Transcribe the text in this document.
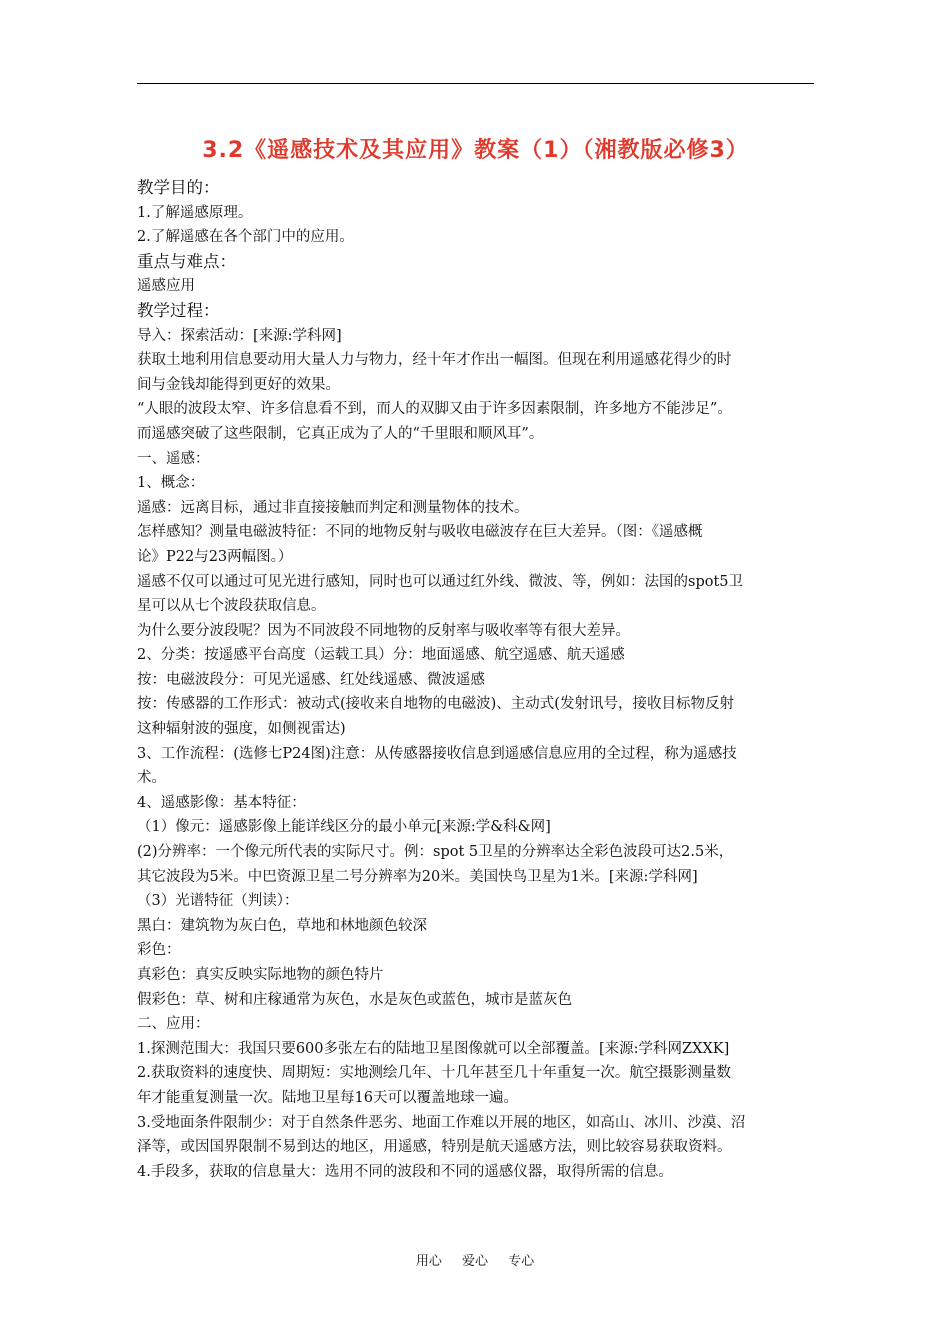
3.2《遥感技术及其应用》教案（1）（湘教版必修3）
教学目的：
1.了解遥感原理。
2.了解遥感在各个部门中的应用。
重点与难点：
遥感应用
教学过程：
导入：探索活动：[来源:学科网]
获取土地利用信息要动用大量人力与物力，经十年才作出一幅图。但现在利用遥感花得少的时
间与金钱却能得到更好的效果。
“人眼的波段太窄、许多信息看不到，而人的双脚又由于许多因素限制，许多地方不能涉足”。
而遥感突破了这些限制，它真正成为了人的“千里眼和顺风耳”。
一、遥感：
1、概念：
遥感：远离目标，通过非直接接触而判定和测量物体的技术。
怎样感知？测量电磁波特征：不同的地物反射与吸收电磁波存在巨大差异。（图：《遥感概
论》P22与23两幅图。）
遥感不仅可以通过可见光进行感知，同时也可以通过红外线、微波、等，例如：法国的spot5卫
星可以从七个波段获取信息。
为什么要分波段呢？因为不同波段不同地物的反射率与吸收率等有很大差异。
2、分类：按遥感平台高度（运载工具）分：地面遥感、航空遥感、航天遥感
按：电磁波段分：可见光遥感、红处线遥感、微波遥感
按：传感器的工作形式：被动式(接收来自地物的电磁波)、主动式(发射讯号，接收目标物反射
这种辐射波的强度，如侧视雷达)
3、工作流程：(选修七P24图)注意：从传感器接收信息到遥感信息应用的全过程，称为遥感技
术。
4、遥感影像：基本特征：
（1）像元：遥感影像上能详线区分的最小单元[来源:学&科&网]
(2)分辨率：一个像元所代表的实际尺寸。例：spot 5卫星的分辨率达全彩色波段可达2.5米，
其它波段为5米。中巴资源卫星二号分辨率为20米。美国快鸟卫星为1米。[来源:学科网]
（3）光谱特征（判读）：
黑白：建筑物为灰白色，草地和林地颜色较深
彩色：
真彩色：真实反映实际地物的颜色特片
假彩色：草、树和庄稼通常为灰色，水是灰色或蓝色，城市是蓝灰色
二、应用：
1.探测范围大：我国只要600多张左右的陆地卫星图像就可以全部覆盖。[来源:学科网ZXXK]
2.获取资料的速度快、周期短：实地测绘几年、十几年甚至几十年重复一次。航空摄影测量数
年才能重复测量一次。陆地卫星每16天可以覆盖地球一遍。
3.受地面条件限制少：对于自然条件恶劣、地面工作难以开展的地区，如高山、冰川、沙漠、沼
泽等，或因国界限制不易到达的地区，用遥感，特别是航天遥感方法，则比较容易获取资料。
4.手段多，获取的信息量大：选用不同的波段和不同的遥感仪器，取得所需的信息。
用心 爱心 专心
